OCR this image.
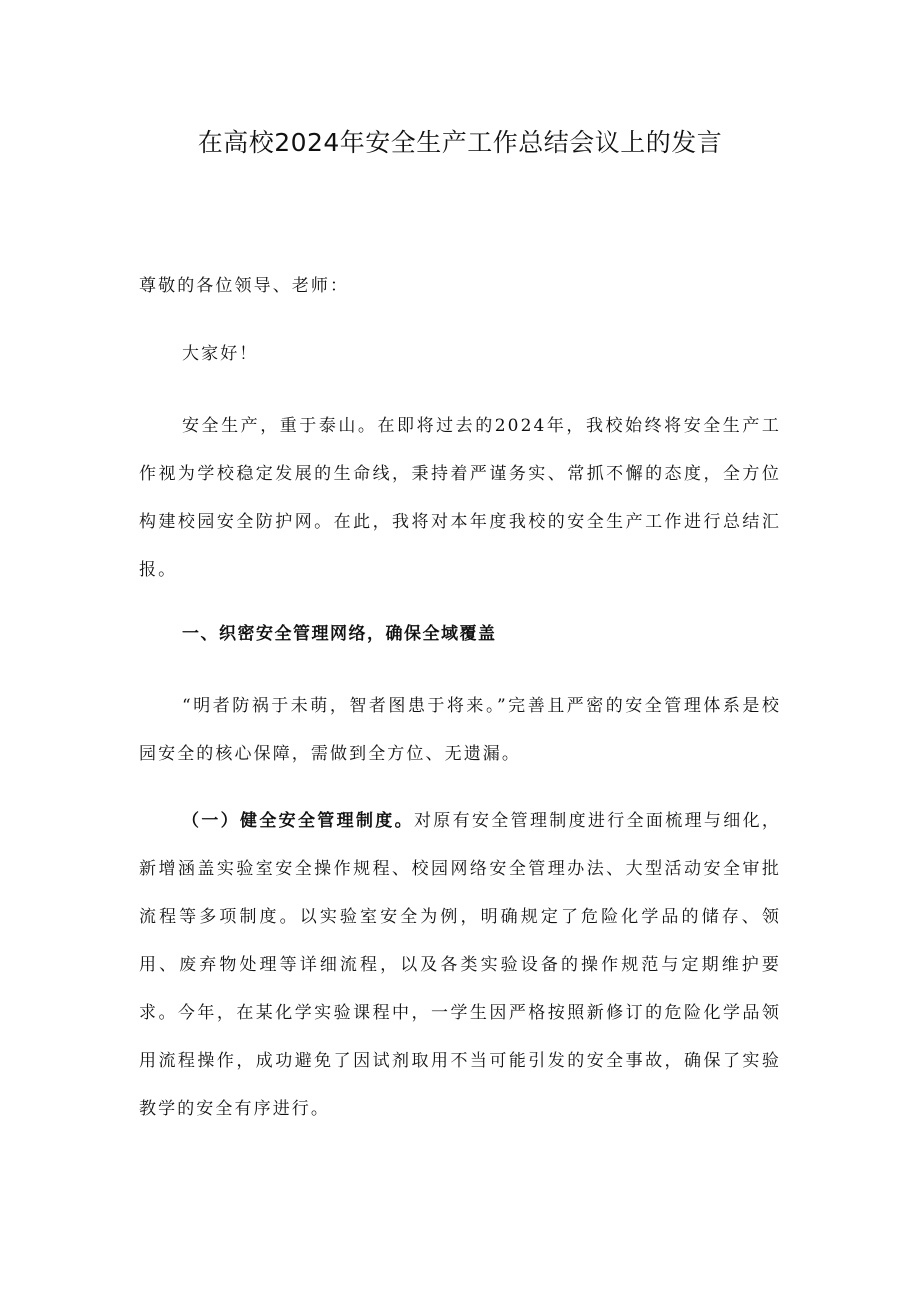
在高校2024年安全生产工作总结会议上的发言

尊敬的各位领导、老师：

大家好！

安全生产，重于泰山。在即将过去的2024年，我校始终将安全生产工作视为学校稳定发展的生命线，秉持着严谨务实、常抓不懈的态度，全方位构建校园安全防护网。在此，我将对本年度我校的安全生产工作进行总结汇报。

一、织密安全管理网络，确保全域覆盖

“明者防祸于未萌，智者图患于将来。”完善且严密的安全管理体系是校园安全的核心保障，需做到全方位、无遗漏。

（一）健全安全管理制度。对原有安全管理制度进行全面梳理与细化，新增涵盖实验室安全操作规程、校园网络安全管理办法、大型活动安全审批流程等多项制度。以实验室安全为例，明确规定了危险化学品的储存、领用、废弃物处理等详细流程，以及各类实验设备的操作规范与定期维护要求。今年，在某化学实验课程中，一学生因严格按照新修订的危险化学品领用流程操作，成功避免了因试剂取用不当可能引发的安全事故，确保了实验教学的安全有序进行。
